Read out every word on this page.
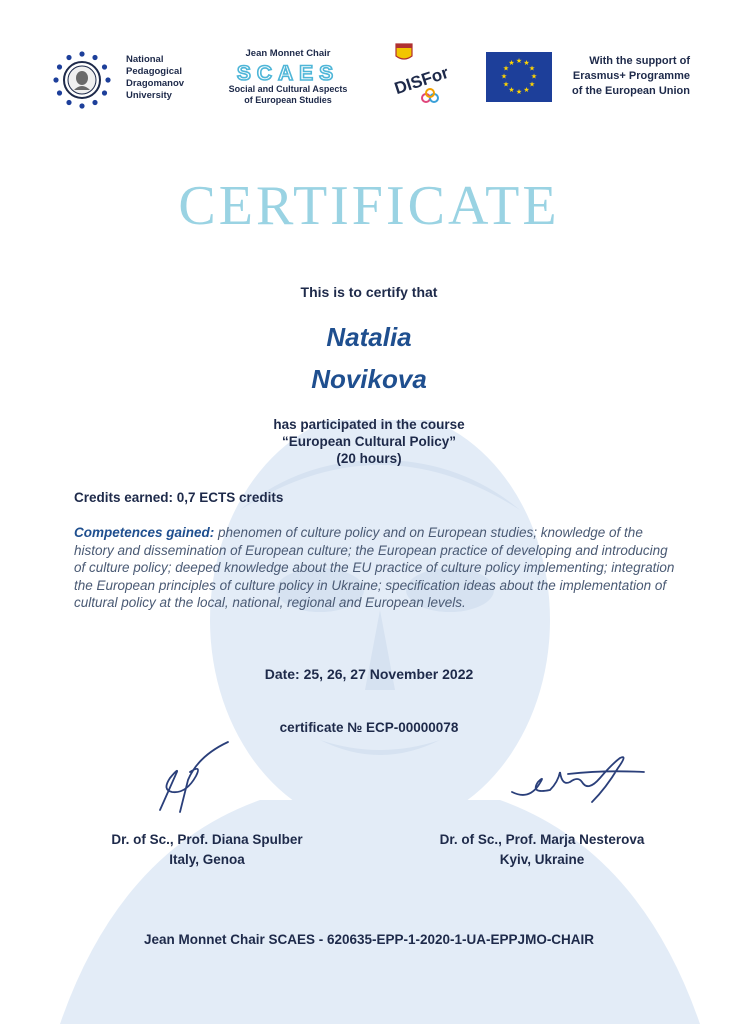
National
Pedagogical
Dragomanov
University
Jean Monnet Chair
SCAES
Social and Cultural Aspects
of European Studies
DISFor
★ ★
★
★
★
★
★
★
★
★
★
★	With the support of
Erasmus+ Programme
of the European Union
CERTIFICATE
This is to certify that
Natalia
Novikova
has participated in the course
“European Cultural Policy”
(20 hours)
Credits earned: 0,7 ECTS credits
Competences gained: phenomen of culture policy and on European studies; knowledge of the history and dissemination of European culture; the European practice of developing and introducing of culture policy; deeped knowledge about the EU practice of culture policy implementing; integration the European principles of culture policy in Ukraine; specification ideas about the implementation of cultural policy at the local, national, regional and European levels.
Date: 25, 26, 27 November 2022
certificate № ECP-00000078
Dr. of Sc., Prof. Diana Spulber
Italy, Genoa
Dr. of Sc., Prof. Marja Nesterova
Kyiv, Ukraine
Jean Monnet Chair SCAES - 620635-EPP-1-2020-1-UA-EPPJMO-CHAIR
